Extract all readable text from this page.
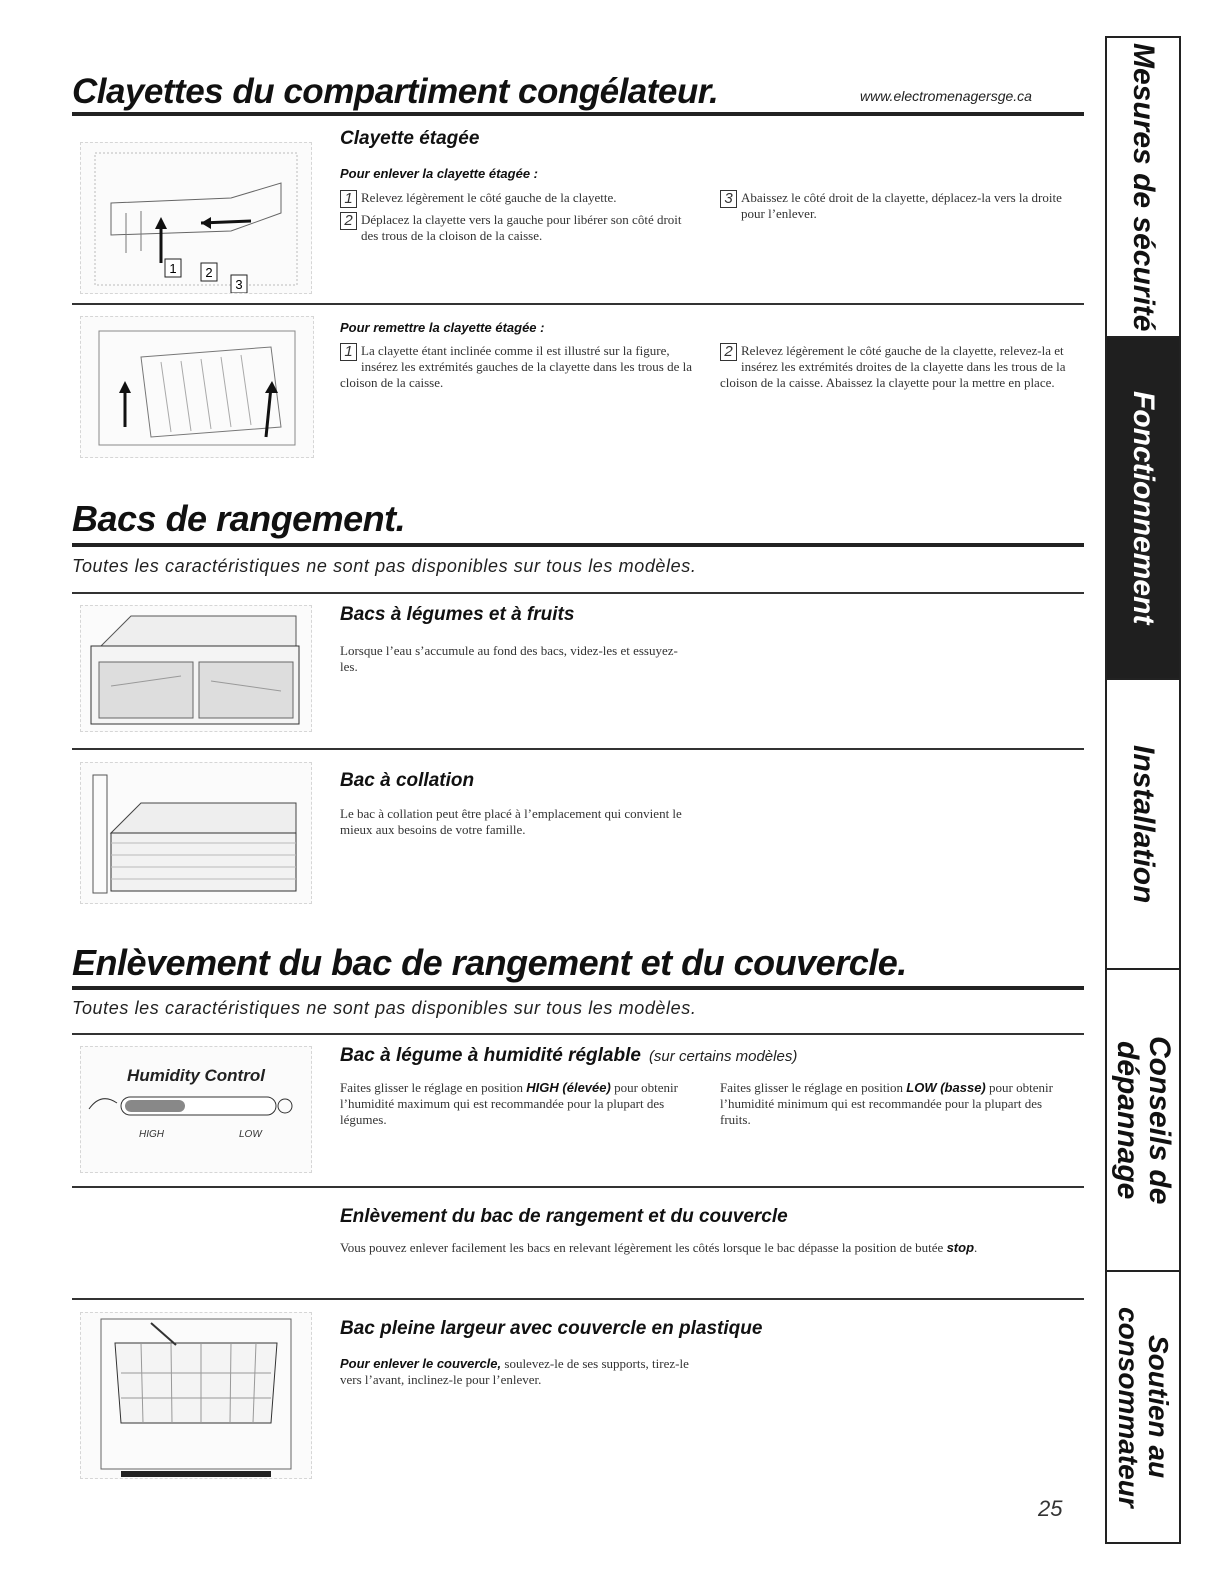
Mesures de sécurité
Fonctionnement
Installation
Conseils de dépannage
Soutien au consommateur
Clayettes du compartiment congélateur.	www.electromenagersge.ca
1 2
3
Clayette étagée
Pour enlever la clayette étagée :
1 Relevez légèrement le côté gauche de la clayette.
2 Déplacez la clayette vers la gauche pour libérer son côté droit des trous de la cloison de la caisse.
3 Abaissez le côté droit de la clayette, déplacez-la vers la droite pour l’enlever.
Pour remettre la clayette étagée :
1 La clayette étant inclinée comme il est illustré sur la figure, insérez les extrémités gauches de la clayette dans les trous de la cloison de la caisse.
2 Relevez légèrement le côté gauche de la clayette, relevez-la et insérez les extrémités droites de la clayette dans les trous de la cloison de la caisse. Abaissez la clayette pour la mettre en place.
Bacs de rangement.

Toutes les caractéristiques ne sont pas disponibles sur tous les modèles.

Bacs à légumes et à fruits

Lorsque l’eau s’accumule au fond des bacs, videz-les et essuyez-les.

Bac à collation

Le bac à collation peut être placé à l’emplacement qui convient le mieux aux besoins de votre famille.

Enlèvement du bac de rangement et du couvercle.

Toutes les caractéristiques ne sont pas disponibles sur tous les modèles.

Humidity Control
HIGH	LOW
Bac à légume à humidité réglable (sur certains modèles)

Faites glisser le réglage en position HIGH (élevée) pour obtenir l’humidité maximum qui est recommandée pour la plupart des légumes.

Faites glisser le réglage en position LOW (basse) pour obtenir l’humidité minimum qui est recommandée pour la plupart des fruits.

Enlèvement du bac de rangement et du couvercle

Vous pouvez enlever facilement les bacs en relevant légèrement les côtés lorsque le bac dépasse la position de butée stop.

Bac pleine largeur avec couvercle en plastique

Pour enlever le couvercle, soulevez-le de ses supports, tirez-le vers l’avant, inclinez-le pour l’enlever.

25
